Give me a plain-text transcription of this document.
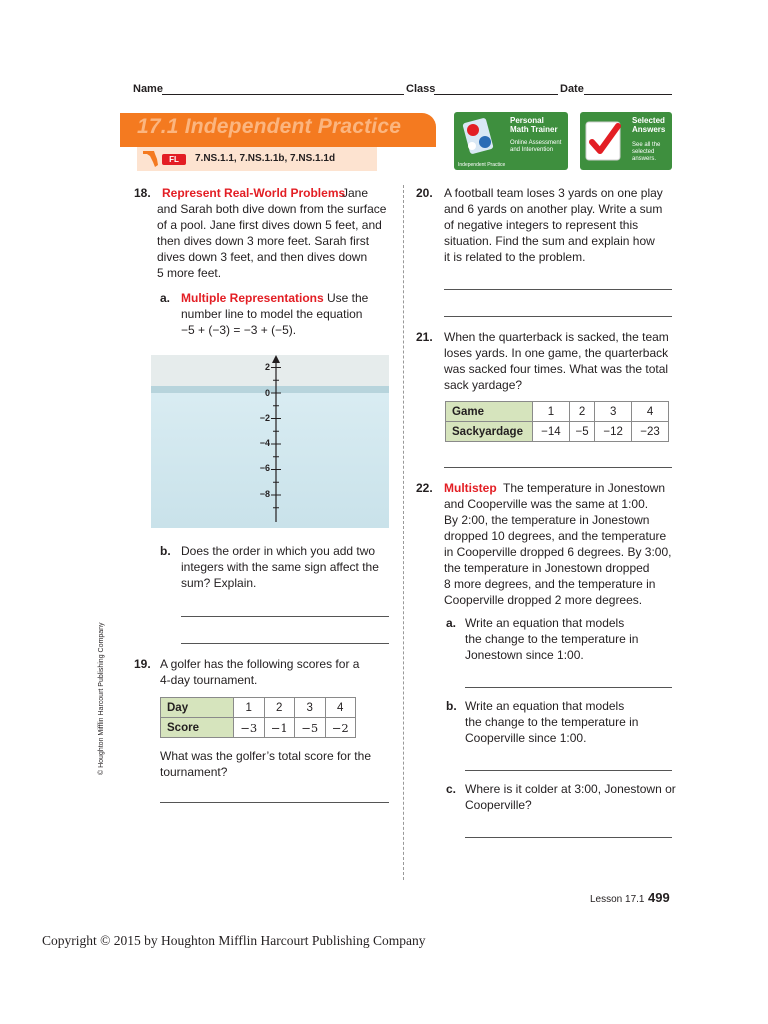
Name	Class	Date
17.1 Independent Practice
FL	7.NS.1.1, 7.NS.1.1b, 7.NS.1.1d
Personal Math Trainer
Online Assessment and Intervention
Independent Practice
Selected Answers
See all the selected answers.
© Houghton Mifflin Harcourt Publishing Company
18. Represent Real-World Problems
Jane
and Sarah both dive down from the surface
of a pool. Jane first dives down 5 feet, and
then dives down 3 more feet. Sarah first
dives down 3 feet, and then dives down
5 more feet.
a. Multiple Representations Use the
number line to model the equation
−5 + (−3) = −3 + (−5).
2
0
−2
−4
−6
−8
b. Does the order in which you add two
integers with the same sign affect the
sum? Explain.
19. A golfer has the following scores for a
4-day tournament.
Day	1	2	3	4
Score	−3	−1	−5	−2
What was the golfer’s total score for the
tournament?
20. A football team loses 3 yards on one play
and 6 yards on another play. Write a sum
of negative integers to represent this
situation. Find the sum and explain how
it is related to the problem.
21. When the quarterback is sacked, the team
loses yards. In one game, the quarterback
was sacked four times. What was the total
sack yardage?
Game	1	2	3	4
Sackyardage	−14	−5	−12	−23
22. Multistep The temperature in Jonestown
and Cooperville was the same at 1:00.
By 2:00, the temperature in Jonestown
dropped 10 degrees, and the temperature
in Cooperville dropped 6 degrees. By 3:00,
the temperature in Jonestown dropped
8 more degrees, and the temperature in
Cooperville dropped 2 more degrees.
a. Write an equation that models
the change to the temperature in
Jonestown since 1:00.
b. Write an equation that models
the change to the temperature in
Cooperville since 1:00.
c. Where is it colder at 3:00, Jonestown or
Cooperville?
Lesson 17.1 499
Copyright © 2015 by Houghton Mifflin Harcourt Publishing Company
